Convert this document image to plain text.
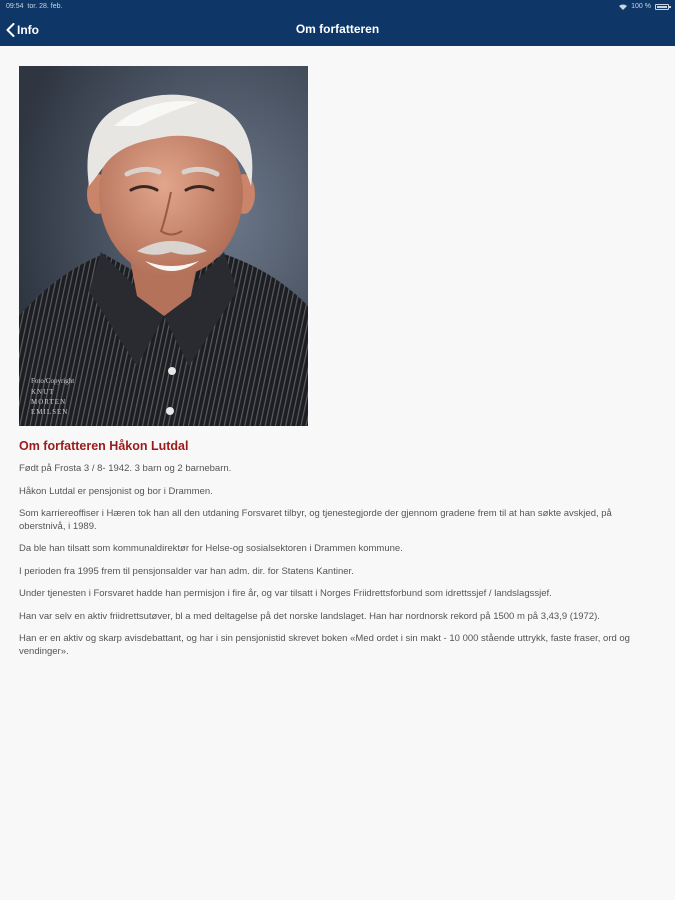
09:54 tor. 28. feb.	100 %
Info	Om forfatteren
Foto/Copyright
KNUT
MORTEN
EMILSEN
Om forfatteren Håkon Lutdal

Født på Frosta 3 / 8- 1942. 3 barn og 2 barnebarn.

Håkon Lutdal er pensjonist og bor i Drammen.

Som karriereoffiser i Hæren tok han all den utdaning Forsvaret tilbyr, og tjenestegjorde der gjennom gradene frem til at han søkte avskjed, på oberstnivå, i 1989.

Da ble han tilsatt som kommunaldirektør for Helse-og sosialsektoren i Drammen kommune.

I perioden fra 1995 frem til pensjonsalder var han adm. dir. for Statens Kantiner.

Under tjenesten i Forsvaret hadde han permisjon i fire år, og var tilsatt i Norges Friidrettsforbund som idrettssjef / landslagssjef.

Han var selv en aktiv friidrettsutøver, bl a med deltagelse på det norske landslaget. Han har nordnorsk rekord på 1500 m på 3,43,9 (1972).

Han er en aktiv og skarp avisdebattant, og har i sin pensjonistid skrevet boken «Med ordet i sin makt - 10 000 stående uttrykk, faste fraser, ord og vendinger».
